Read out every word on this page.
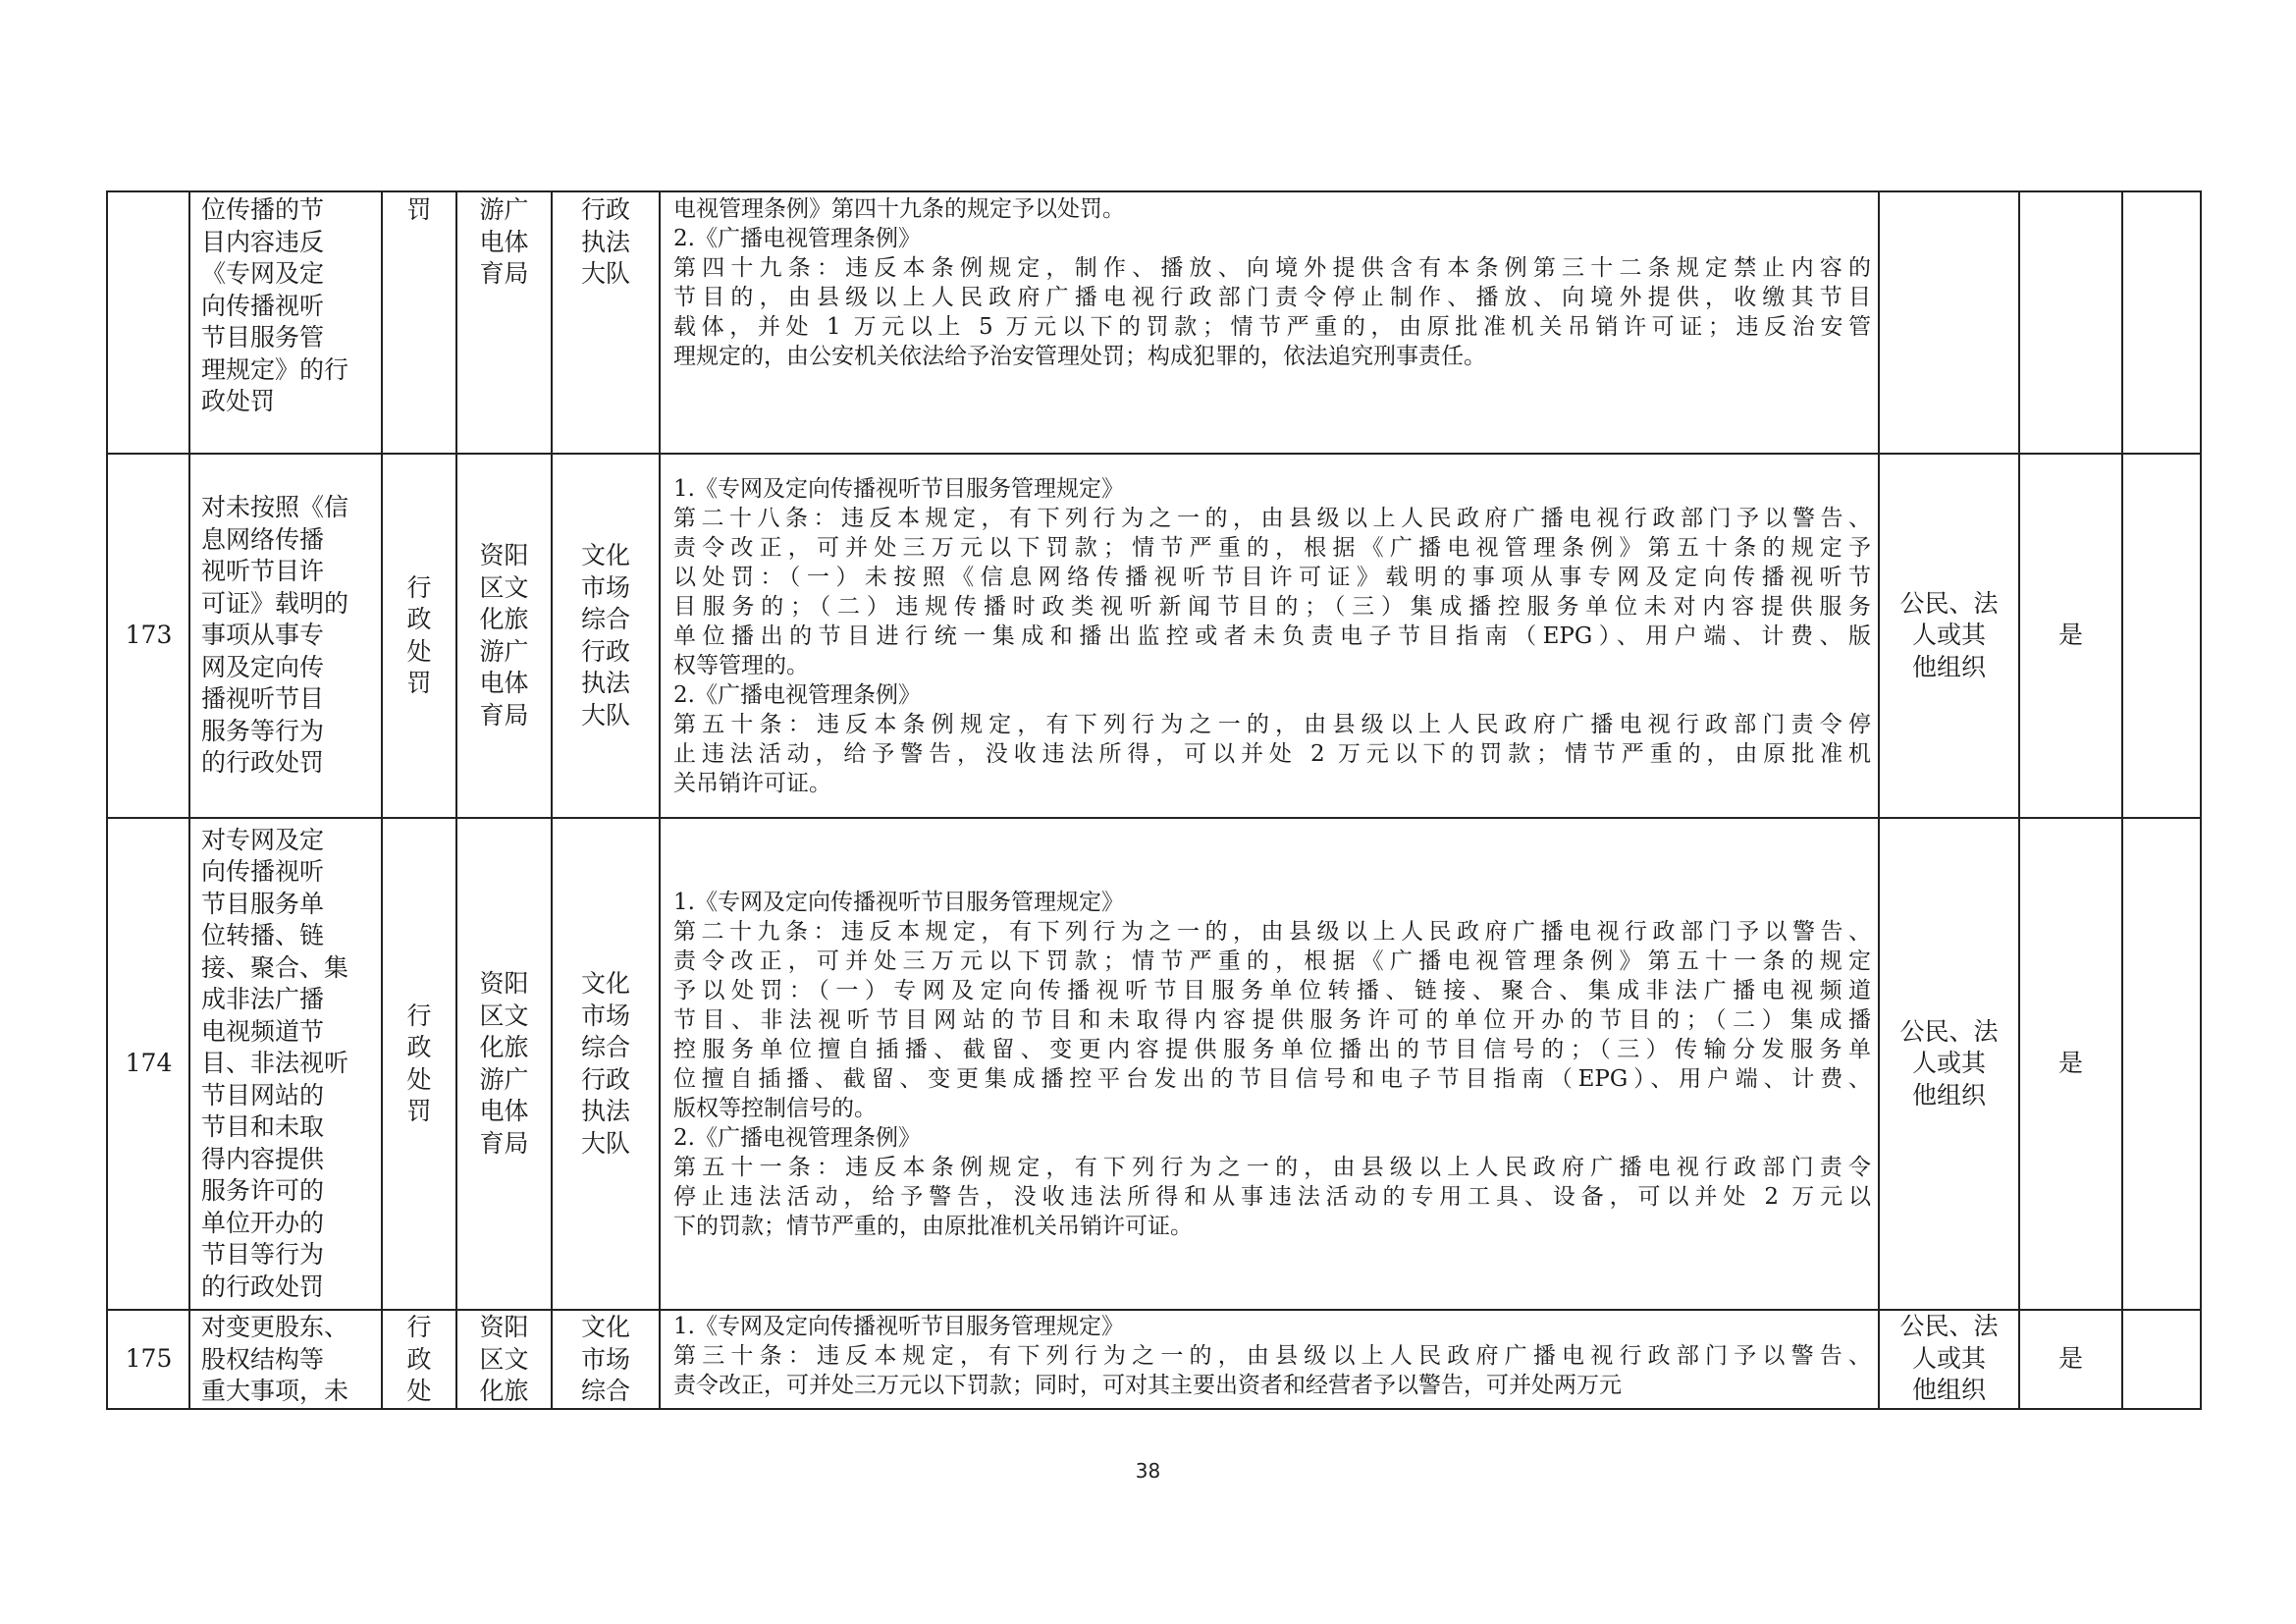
位传播的节
目内容违反
《专网及定
向传播视听
节目服务管
理规定》的行
政处罚
罚	游广
电体
育局
行政
执法
大队
电视管理条例》第四十九条的规定予以处罚。
2.《广播电视管理条例》
第四十九条：违反本条例规定，制作、播放、向境外提供含有本条例第三十二条规定禁止内容的
节目的，由县级以上人民政府广播电视行政部门责令停止制作、播放、向境外提供，收缴其节目
载体，并处 1 万元以上 5 万元以下的罚款；情节严重的，由原批准机关吊销许可证；违反治安管
理规定的，由公安机关依法给予治安管理处罚；构成犯罪的，依法追究刑事责任。
173
对未按照《信
息网络传播
视听节目许
可证》载明的
事项从事专
网及定向传
播视听节目
服务等行为
的行政处罚
行
政
处
罚
资阳
区文
化旅
游广
电体
育局
文化
市场
综合
行政
执法
大队
1.《专网及定向传播视听节目服务管理规定》
第二十八条：违反本规定，有下列行为之一的，由县级以上人民政府广播电视行政部门予以警告、
责令改正，可并处三万元以下罚款；情节严重的，根据《广播电视管理条例》第五十条的规定予
以处罚：（一）未按照《信息网络传播视听节目许可证》载明的事项从事专网及定向传播视听节
目服务的；（二）违规传播时政类视听新闻节目的；（三）集成播控服务单位未对内容提供服务
单位播出的节目进行统一集成和播出监控或者未负责电子节目指南（EPG）、用户端、计费、版
权等管理的。
2.《广播电视管理条例》
第五十条：违反本条例规定，有下列行为之一的，由县级以上人民政府广播电视行政部门责令停
止违法活动，给予警告，没收违法所得，可以并处 2 万元以下的罚款；情节严重的，由原批准机
关吊销许可证。
公民、法
人或其
他组织
是
174
对专网及定
向传播视听
节目服务单
位转播、链
接、聚合、集
成非法广播
电视频道节
目、非法视听
节目网站的
节目和未取
得内容提供
服务许可的
单位开办的
节目等行为
的行政处罚
行
政
处
罚
资阳
区文
化旅
游广
电体
育局
文化
市场
综合
行政
执法
大队
1.《专网及定向传播视听节目服务管理规定》
第二十九条：违反本规定，有下列行为之一的，由县级以上人民政府广播电视行政部门予以警告、
责令改正，可并处三万元以下罚款；情节严重的，根据《广播电视管理条例》第五十一条的规定
予以处罚：（一）专网及定向传播视听节目服务单位转播、链接、聚合、集成非法广播电视频道
节目、非法视听节目网站的节目和未取得内容提供服务许可的单位开办的节目的；（二）集成播
控服务单位擅自插播、截留、变更内容提供服务单位播出的节目信号的；（三）传输分发服务单
位擅自插播、截留、变更集成播控平台发出的节目信号和电子节目指南（EPG）、用户端、计费、
版权等控制信号的。
2.《广播电视管理条例》
第五十一条：违反本条例规定，有下列行为之一的，由县级以上人民政府广播电视行政部门责令
停止违法活动，给予警告，没收违法所得和从事违法活动的专用工具、设备，可以并处 2 万元以
下的罚款；情节严重的，由原批准机关吊销许可证。
公民、法
人或其
他组织
是
175
对变更股东、
股权结构等
重大事项，未
行
政
处
资阳
区文
化旅
文化
市场
综合
1.《专网及定向传播视听节目服务管理规定》
第三十条：违反本规定，有下列行为之一的，由县级以上人民政府广播电视行政部门予以警告、
责令改正，可并处三万元以下罚款；同时，可对其主要出资者和经营者予以警告，可并处两万元
公民、法
人或其
他组织
是
38
